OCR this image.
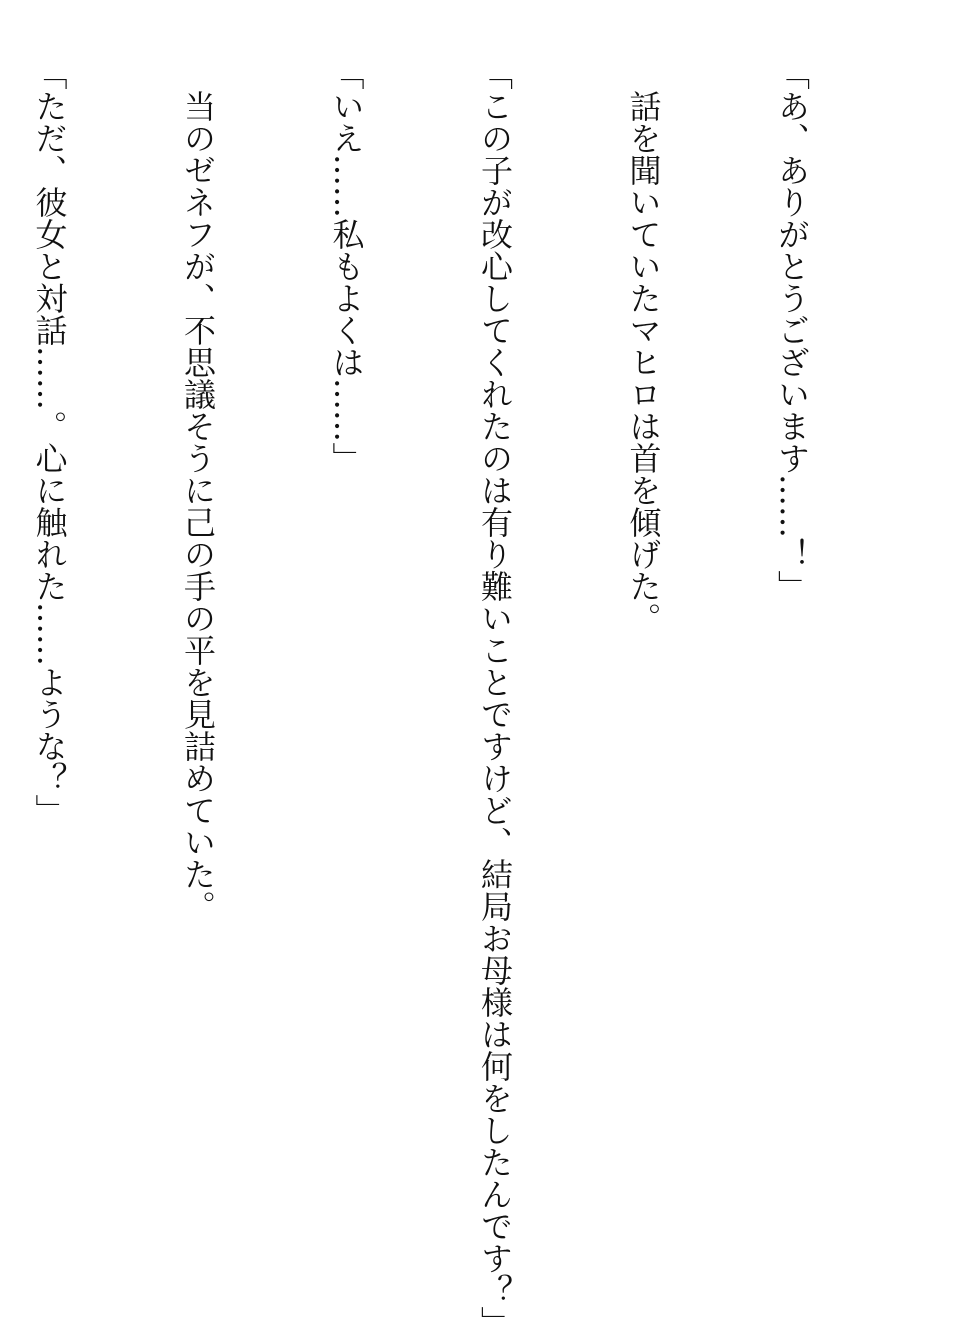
「あ、ありがとうございます……！」

　話を聞いていたマヒロは首を傾げた。

「この子が改心してくれたのは有り難いことですけど、結局お母様は何をしたんです？」

「いえ……私もよくは……」

　当のゼネフが、不思議そうに己の手の平を見詰めていた。

「ただ、彼女と対話……。心に触れた……ような？」
